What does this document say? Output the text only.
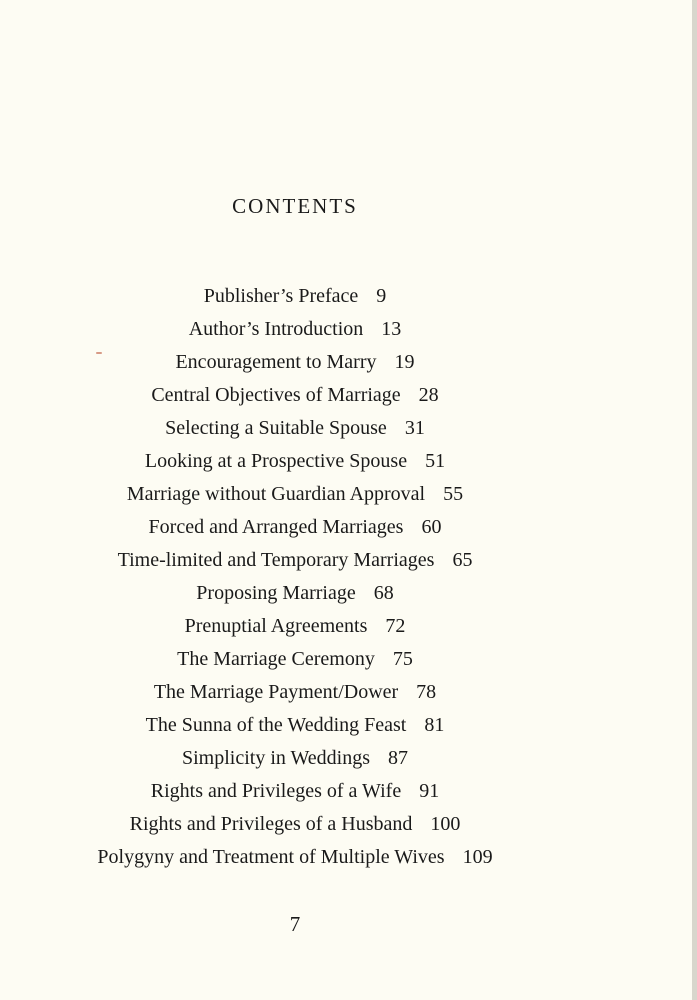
CONTENTS
Publisher’s Preface 9
Author’s Introduction 13
Encouragement to Marry 19
Central Objectives of Marriage 28
Selecting a Suitable Spouse 31
Looking at a Prospective Spouse 51
Marriage without Guardian Approval 55
Forced and Arranged Marriages 60
Time-limited and Temporary Marriages 65
Proposing Marriage 68
Prenuptial Agreements 72
The Marriage Ceremony 75
The Marriage Payment/Dower 78
The Sunna of the Wedding Feast 81
Simplicity in Weddings 87
Rights and Privileges of a Wife 91
Rights and Privileges of a Husband 100
Polygyny and Treatment of Multiple Wives 109
7
